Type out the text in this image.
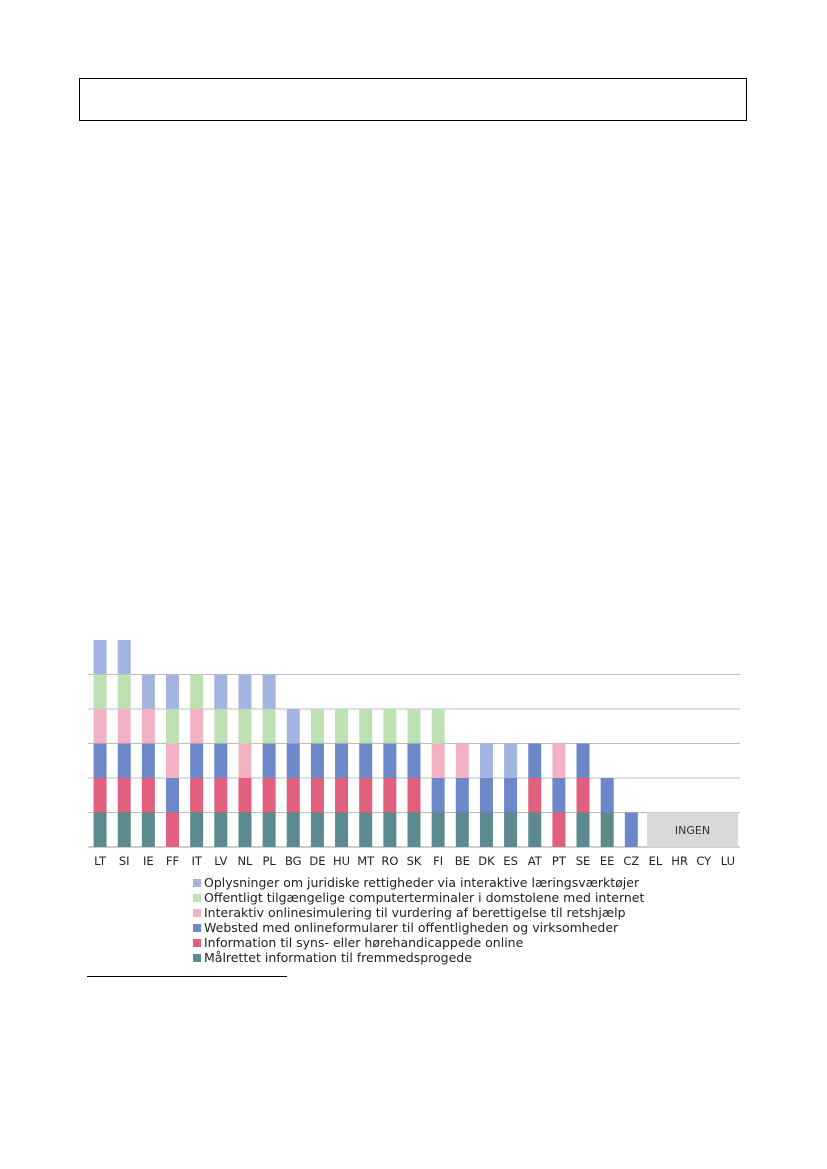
LT SI IE FF IT LV NL PL BG DE HU MT RO SK FI BE DK ES AT PT SE EE CZ EL HR CY LU
INGEN
Oplysninger om juridiske rettigheder via interaktive læringsværktøjer
Offentligt tilgængelige computerterminaler i domstolene med internet
Interaktiv onlinesimulering til vurdering af berettigelse til retshjælp
Websted med onlineformularer til offentligheden og virksomheder
Information til syns- eller hørehandicappede online
Målrettet information til fremmedsprogede
